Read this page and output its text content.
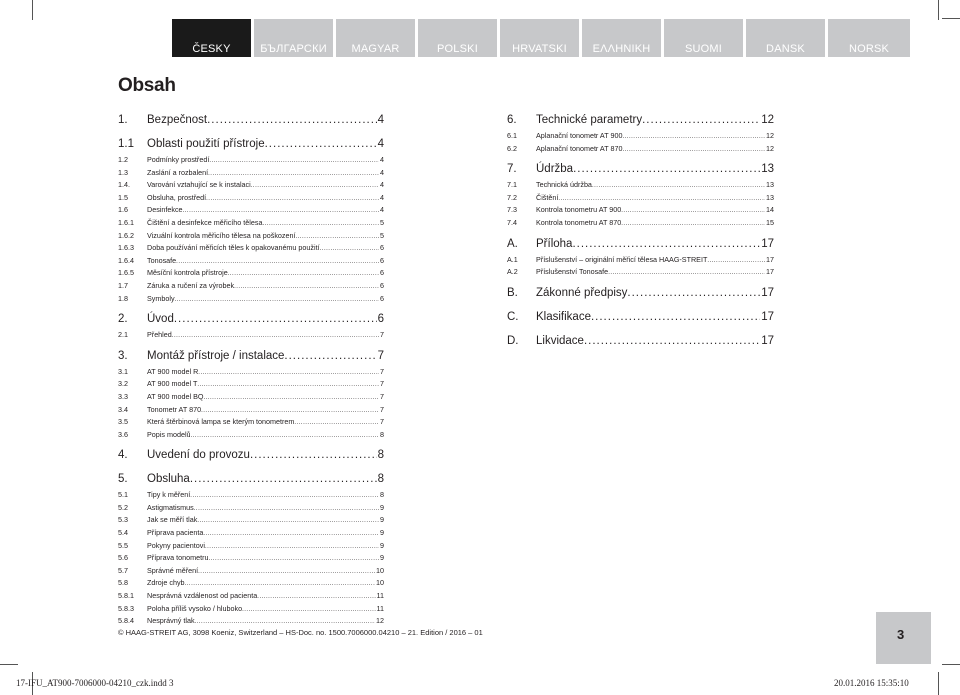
ČESKY	БЪЛГАРСКИ	MAGYAR	POLSKI	HRVATSKI	ΕΛΛΗΝΙΚΗ	SUOMI	DANSK	NORSK
Obsah
1.	Bezpečnost .....	4
1.1	Oblasti použití přístroje .....	4
1.2	Podmínky prostředí .....	4
1.3	Zaslání a rozbalení .....	4
1.4.	Varování vztahující se k instalaci .....	4
1.5	Obsluha, prostředí .....	4
1.6	Desinfekce .....	4
1.6.1	Čištění a desinfekce měřicího tělesa .....	5
1.6.2	Vizuální kontrola měřicího tělesa na poškození .....	5
1.6.3	Doba používání měřicích těles k opakovanému použití .....	6
1.6.4	Tonosafe .....	6
1.6.5	Měsíční kontrola přístroje .....	6
1.7	Záruka a ručení za výrobek .....	6
1.8	Symboly .....	6
2.	Úvod .....	6
2.1	Přehled .....	7
3.	Montáž přístroje / instalace .....	7
3.1	AT 900 model R .....	7
3.2	AT 900 model T .....	7
3.3	AT 900 model BQ .....	7
3.4	Tonometr AT 870 .....	7
3.5	Která štěrbinová lampa se kterým tonometrem .....	7
3.6	Popis modelů .....	8
4.	Uvedení do provozu .....	8
5.	Obsluha .....	8
5.1	Tipy k měření .....	8
5.2	Astigmatismus .....	9
5.3	Jak se měří tlak .....	9
5.4	Příprava pacienta .....	9
5.5	Pokyny pacientovi .....	9
5.6	Příprava tonometru .....	9
5.7	Správné měření .....	10
5.8	Zdroje chyb .....	10
5.8.1	Nesprávná vzdálenost od pacienta .....	11
5.8.3	Poloha příliš vysoko / hluboko .....	11
5.8.4	Nesprávný tlak .....	12
6.	Technické parametry .....	12
6.1	Aplanační tonometr AT 900 .....	12
6.2	Aplanační tonometr AT 870 .....	12
7.	Údržba .....	13
7.1	Technická údržba .....	13
7.2	Čištění .....	13
7.3	Kontrola tonometru AT 900 .....	14
7.4	Kontrola tonometru AT 870 .....	15
A.	Příloha .....	17
A.1	Příslušenství – originální měřicí tělesa HAAG-STREIT .....	17
A.2	Příslušenství Tonosafe .....	17
B.	Zákonné předpisy .....	17
C.	Klasifikace .....	17
D.	Likvidace .....	17
© HAAG-STREIT AG, 3098 Koeniz, Switzerland – HS-Doc. no. 1500.7006000.04210 – 21. Edition / 2016 – 01	3
17-IFU_AT900-7006000-04210_czk.indd 3	20.01.2016 15:35:10
